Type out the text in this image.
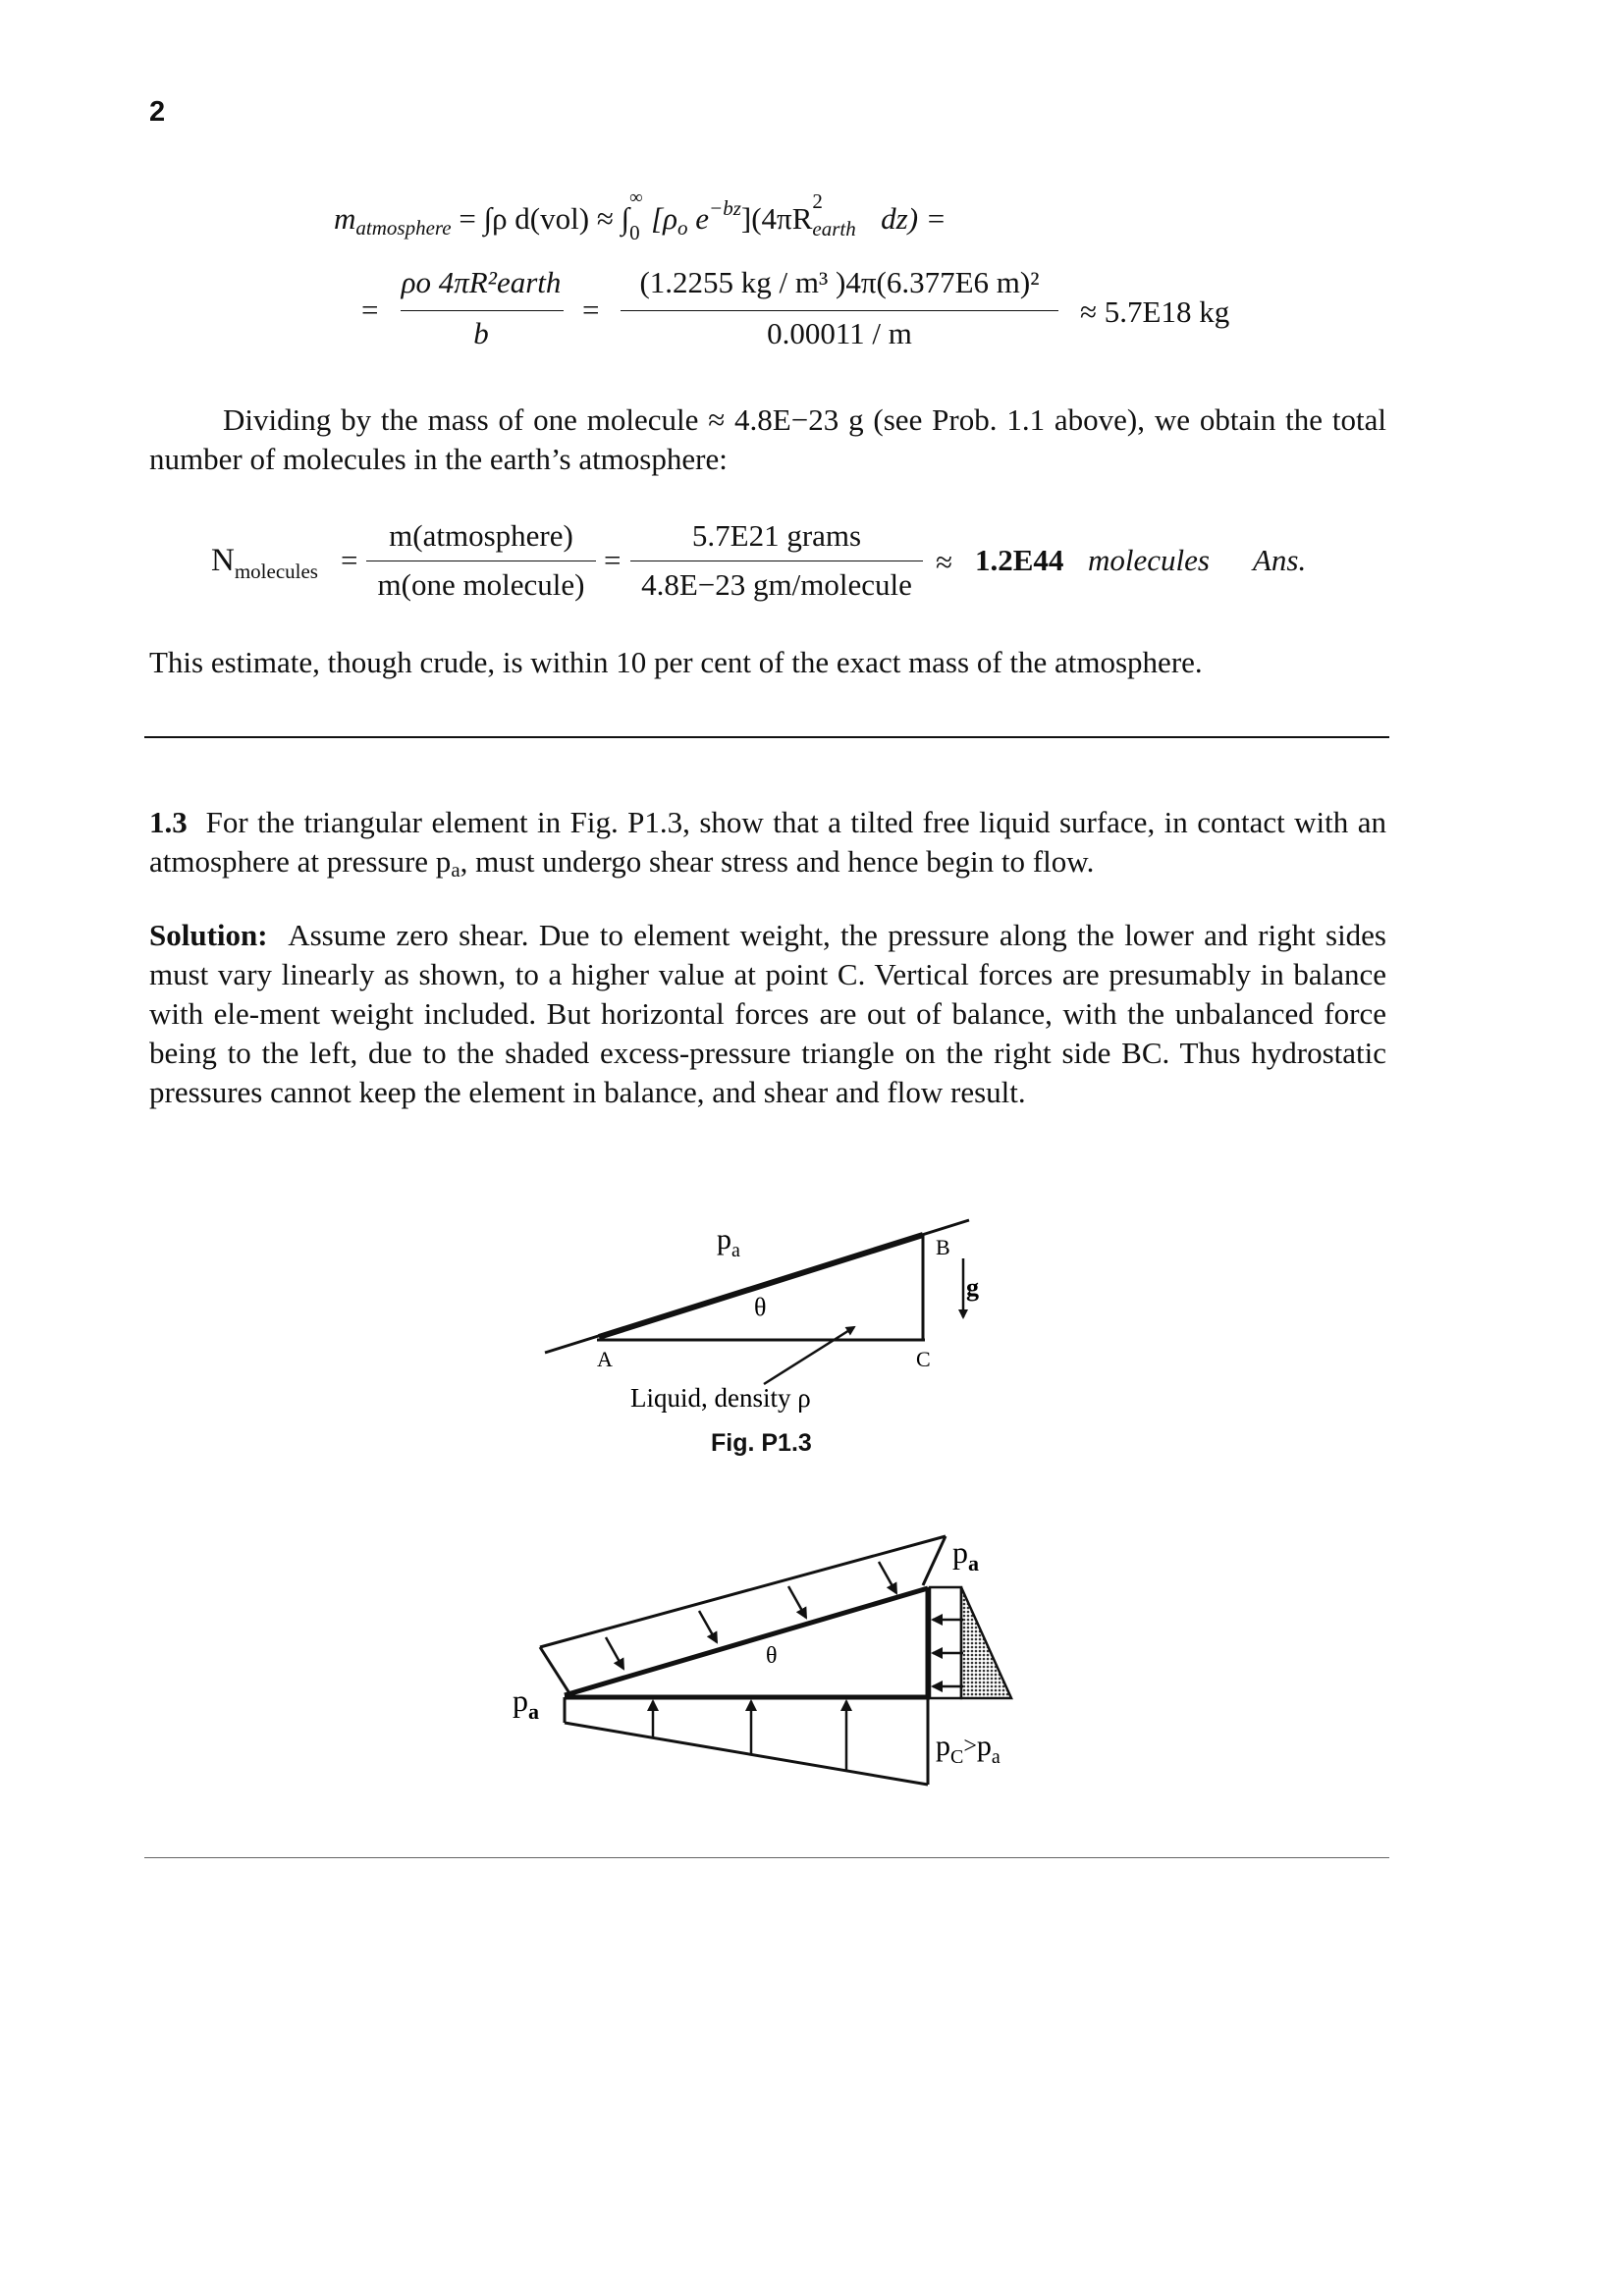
2
$m_{atmosphere} = \int\rho$ d(vol) ≈ ∫
∞
0 [$\rho_o$ $e^{-bz}](4\pi R$ 2
earth dz) =
=
ρo 4πR²earth
b
=
(1.2255 kg / m³ )4π(6.377E6 m)²
0.00011 / m
≈ 5.7E18 kg
Dividing by the mass of one molecule ≈ 4.8E−23 g (see Prob. 1.1 above), we obtain the total number of molecules in the earth’s atmosphere:
$N_{molecules}$ =
m(atmosphere)
m(one molecule)
=
5.7E21 grams
4.8E−23 gm/molecule
≈ 1.2E44 molecules Ans.
This estimate, though crude, is within 10 per cent of the exact mass of the atmosphere.
1.3 For the triangular element in Fig. P1.3, show that a tilted free liquid surface, in contact with an atmosphere at pressure pa, must undergo shear stress and hence begin to flow.
Solution: Assume zero shear. Due to element weight, the pressure along the lower and right sides must vary linearly as shown, to a higher value at point C. Vertical forces are presumably in balance with ele-ment weight included. But horizontal forces are out of balance, with the unbalanced force being to the left, due to the shaded excess-pressure triangle on the right side BC. Thus hydrostatic pressures cannot keep the element in balance, and shear and flow result.
$p_a$
θ
B
g
A	C
Liquid, density ρ
Fig. P1.3
$p_a$
$p_a$
θ
$p_C^>p_a$
